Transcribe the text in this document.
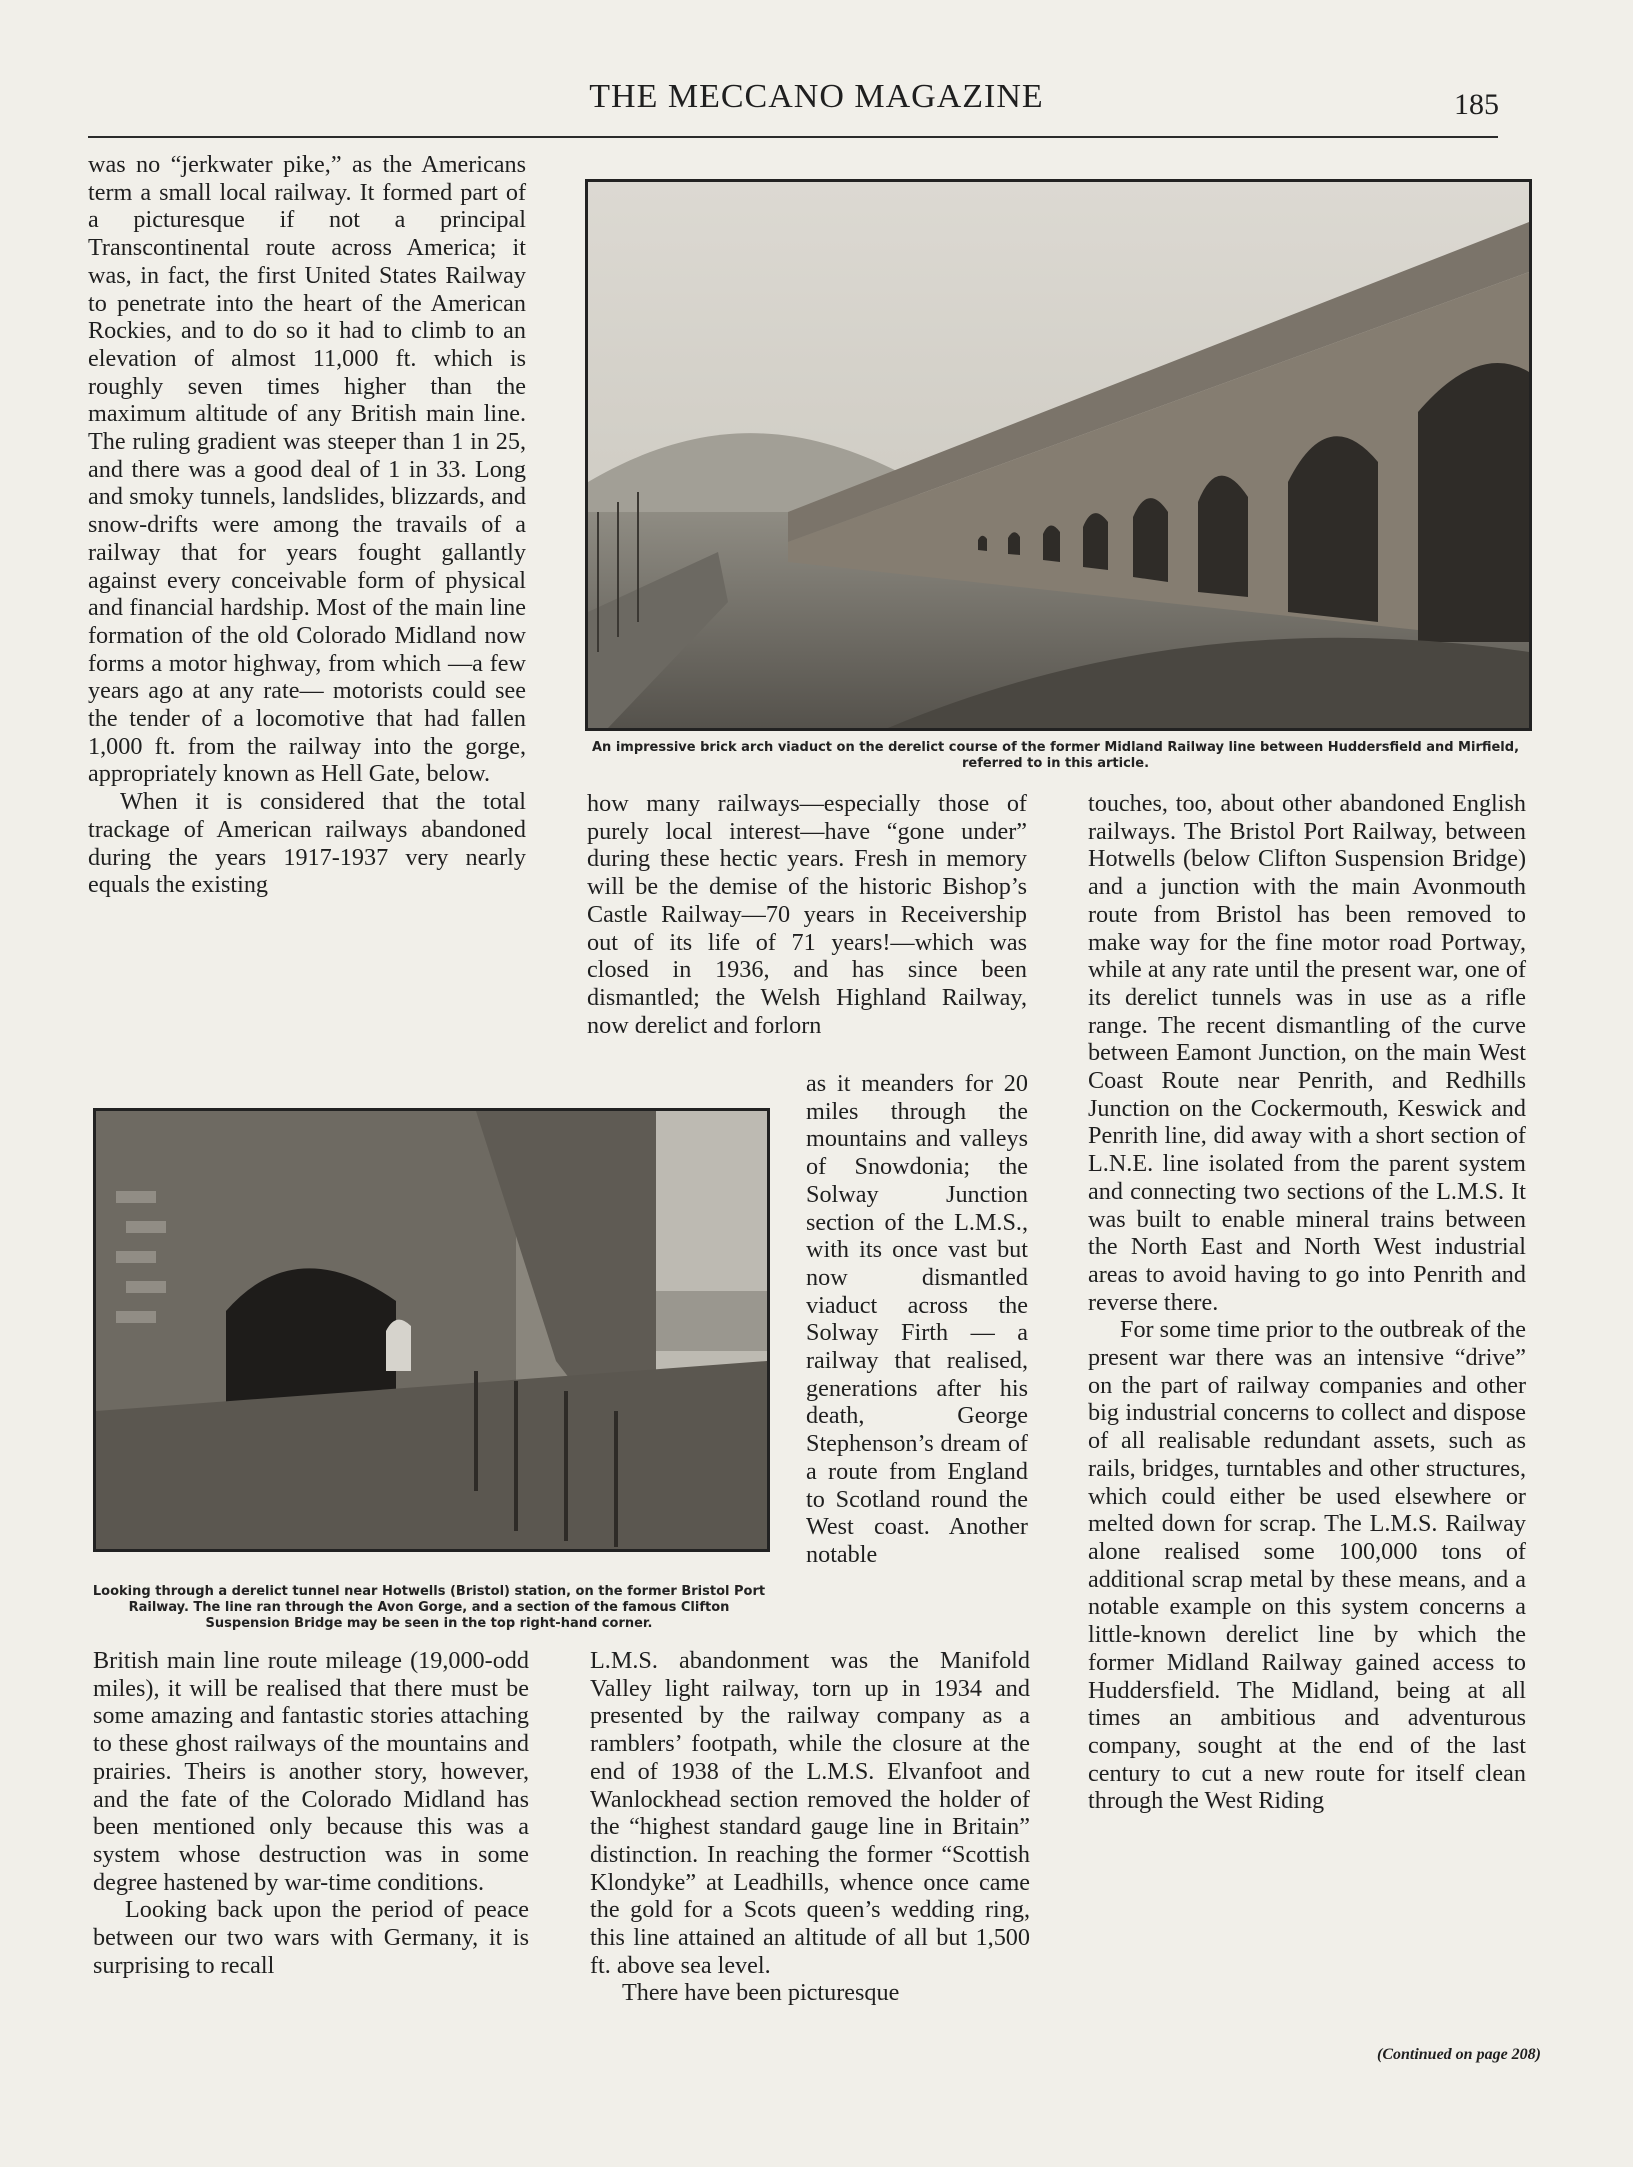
THE MECCANO MAGAZINE	185

was no “jerkwater pike,” as the Americans term a small local railway. It formed part of a picturesque if not a principal Transcontinental route across America; it was, in fact, the first United States Railway to penetrate into the heart of the American Rockies, and to do so it had to climb to an elevation of almost 11,000 ft. which is roughly seven times higher than the maximum altitude of any British main line. The ruling gradient was steeper than 1 in 25, and there was a good deal of 1 in 33. Long and smoky tunnels, landslides, blizzards, and snow-drifts were among the travails of a railway that for years fought gallantly against every conceivable form of physical and financial hardship. Most of the main line formation of the old Colorado Midland now forms a motor highway, from which —a few years ago at any rate— motorists could see the tender of a locomotive that had fallen 1,000 ft. from the railway into the gorge, appropriately known as Hell Gate, below.

When it is considered that the total trackage of American railways abandoned during the years 1917-1937 very nearly equals the existing

An impressive brick arch viaduct on the derelict course of the former Midland Railway line between Huddersfield and Mirfield, referred to in this article.

how many railways—especially those of purely local interest—have “gone under” during these hectic years. Fresh in memory will be the demise of the historic Bishop’s Castle Railway—70 years in Receivership out of its life of 71 years!—which was closed in 1936, and has since been dismantled; the Welsh Highland Railway, now derelict and forlorn

Looking through a derelict tunnel near Hotwells (Bristol) station, on the former Bristol Port Railway. The line ran through the Avon Gorge, and a section of the famous Clifton Suspension Bridge may be seen in the top right-hand corner.

as it meanders for 20 miles through the mountains and valleys of Snowdonia; the Solway Junction section of the L.M.S., with its once vast but now dismantled viaduct across the Solway Firth — a railway that realised, generations after his death, George Stephenson’s dream of a route from England to Scotland round the West coast. Another notable

British main line route mileage (19,000-odd miles), it will be realised that there must be some amazing and fantastic stories attaching to these ghost railways of the mountains and prairies. Theirs is another story, however, and the fate of the Colorado Midland has been mentioned only because this was a system whose destruction was in some degree hastened by war-time conditions.

Looking back upon the period of peace between our two wars with Germany, it is surprising to recall

L.M.S. abandonment was the Manifold Valley light railway, torn up in 1934 and presented by the railway company as a ramblers’ footpath, while the closure at the end of 1938 of the L.M.S. Elvanfoot and Wanlockhead section removed the holder of the “highest standard gauge line in Britain” distinction. In reaching the former “Scottish Klondyke” at Leadhills, whence once came the gold for a Scots queen’s wedding ring, this line attained an altitude of all but 1,500 ft. above sea level.

There have been picturesque

touches, too, about other abandoned English railways. The Bristol Port Railway, between Hotwells (below Clifton Suspension Bridge) and a junction with the main Avonmouth route from Bristol has been removed to make way for the fine motor road Portway, while at any rate until the present war, one of its derelict tunnels was in use as a rifle range. The recent dismantling of the curve between Eamont Junction, on the main West Coast Route near Penrith, and Redhills Junction on the Cockermouth, Keswick and Penrith line, did away with a short section of L.N.E. line isolated from the parent system and connecting two sections of the L.M.S. It was built to enable mineral trains between the North East and North West industrial areas to avoid having to go into Penrith and reverse there.

For some time prior to the outbreak of the present war there was an intensive “drive” on the part of railway companies and other big industrial concerns to collect and dispose of all realisable redundant assets, such as rails, bridges, turntables and other structures, which could either be used elsewhere or melted down for scrap. The L.M.S. Railway alone realised some 100,000 tons of additional scrap metal by these means, and a notable example on this system concerns a little-known derelict line by which the former Midland Railway gained access to Huddersfield. The Midland, being at all times an ambitious and adventurous company, sought at the end of the last century to cut a new route for itself clean through the West Riding

(Continued on page 208)
